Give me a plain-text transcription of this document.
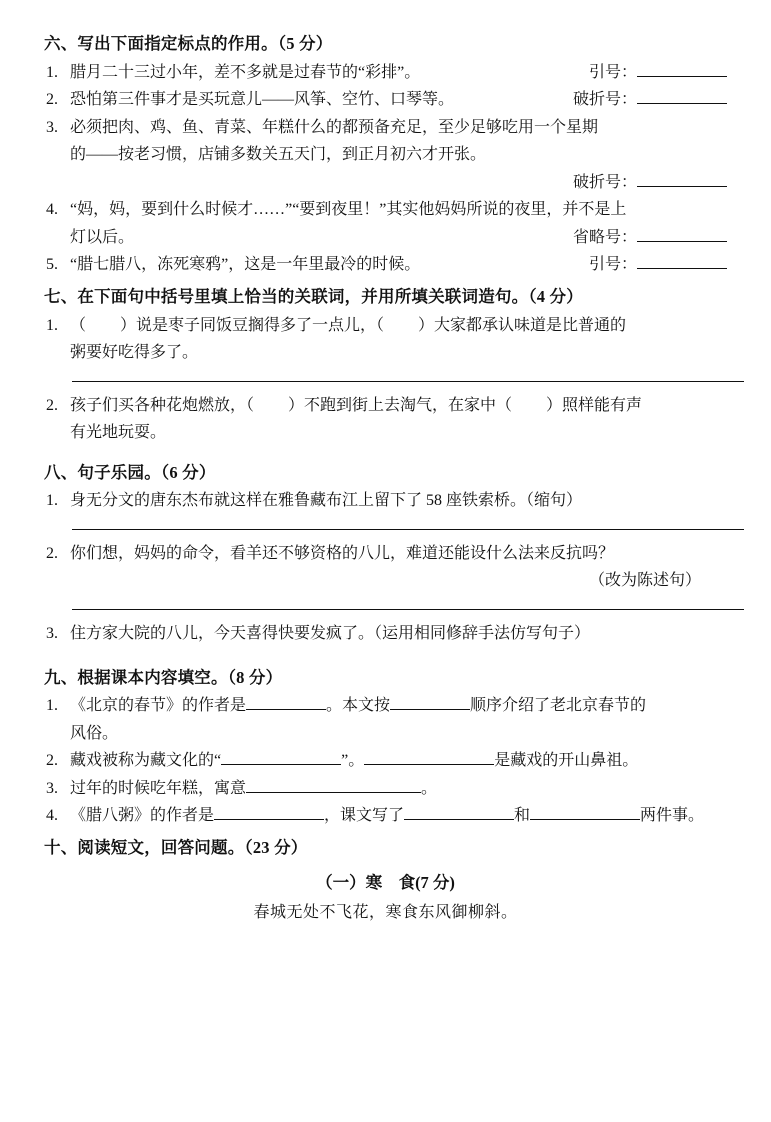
六、写出下面指定标点的作用。（5 分）
1. 腊月二十三过小年，差不多就是过春节的“彩排”。	引号：
2. 恐怕第三件事才是买玩意儿——风筝、空竹、口琴等。	破折号：
3. 必须把肉、鸡、鱼、青菜、年糕什么的都预备充足，至少足够吃用一个星期
的——按老习惯，店铺多数关五天门，到正月初六才开张。
破折号：
4. “妈，妈，要到什么时候才……”“要到夜里！”其实他妈妈所说的夜里，并不是上
灯以后。	省略号：
5. “腊七腊八，冻死寒鸦”，这是一年里最冷的时候。	引号：
七、在下面句中括号里填上恰当的关联词，并用所填关联词造句。（4 分）
1. （ ）说是枣子同饭豆搁得多了一点儿，（ ）大家都承认味道是比普通的
粥要好吃得多了。
2. 孩子们买各种花炮燃放，（ ）不跑到街上去淘气，在家中（ ）照样能有声
有光地玩耍。
八、句子乐园。（6 分）
1. 身无分文的唐东杰布就这样在雅鲁藏布江上留下了 58 座铁索桥。（缩句）
2. 你们想，妈妈的命令，看羊还不够资格的八儿，难道还能设什么法来反抗吗？
（改为陈述句）
3. 住方家大院的八儿，今天喜得快要发疯了。（运用相同修辞手法仿写句子）
九、根据课本内容填空。（8 分）
1. 《北京的春节》的作者是	。本文按	顺序介绍了老北京春节的
风俗。
2. 藏戏被称为藏文化的“	”。	是藏戏的开山鼻祖。
3. 过年的时候吃年糕，寓意	。
4. 《腊八粥》的作者是	，课文写了	和	两件事。
十、阅读短文，回答问题。（23 分）
（一）寒　食(7 分)
春城无处不飞花，寒食东风御柳斜。
